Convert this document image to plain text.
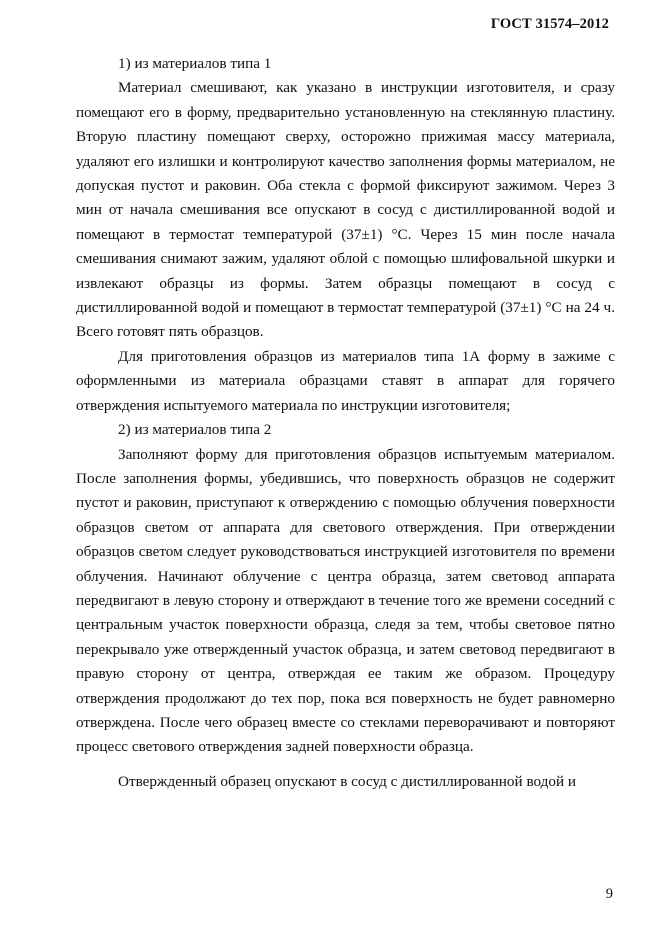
ГОСТ 31574–2012

1) из материалов типа 1

Материал смешивают, как указано в инструкции изготовителя, и сразу помещают его в форму, предварительно установленную на стеклянную пластину. Вторую пластину помещают сверху, осторожно прижимая массу материала, удаляют его излишки и контролируют качество заполнения формы материалом, не допуская пустот и раковин. Оба стекла с формой фиксируют зажимом. Через 3 мин от начала смешивания все опускают в сосуд с дистиллированной водой и помещают в термостат температурой (37±1) °С. Через 15 мин после начала смешивания снимают зажим, удаляют облой с помощью шлифовальной шкурки и извлекают образцы из формы. Затем образцы помещают в сосуд с дистиллированной водой и помещают в термостат температурой (37±1) °С на 24 ч. Всего готовят пять образцов.

Для приготовления образцов из материалов типа 1А форму в зажиме с оформленными из материала образцами ставят в аппарат для горячего отверждения испытуемого материала по инструкции изготовителя;

2) из материалов типа 2

Заполняют форму для приготовления образцов испытуемым материалом. После заполнения формы, убедившись, что поверхность образцов не содержит пустот и раковин, приступают к отверждению с помощью облучения поверхности образцов светом от аппарата для светового отверждения. При отверждении образцов светом следует руководствоваться инструкцией изготовителя по времени облучения. Начинают облучение с центра образца, затем световод аппарата передвигают в левую сторону и отверждают в течение того же времени соседний с центральным участок поверхности образца, следя за тем, чтобы световое пятно перекрывало уже отвержденный участок образца, и затем световод передвигают в правую сторону от центра, отверждая ее таким же образом. Процедуру отверждения продолжают до тех пор, пока вся поверхность не будет равномерно отверждена. После чего образец вместе со стеклами переворачивают и повторяют процесс светового отверждения задней поверхности образца.

Отвержденный образец опускают в сосуд с дистиллированной водой и

9
